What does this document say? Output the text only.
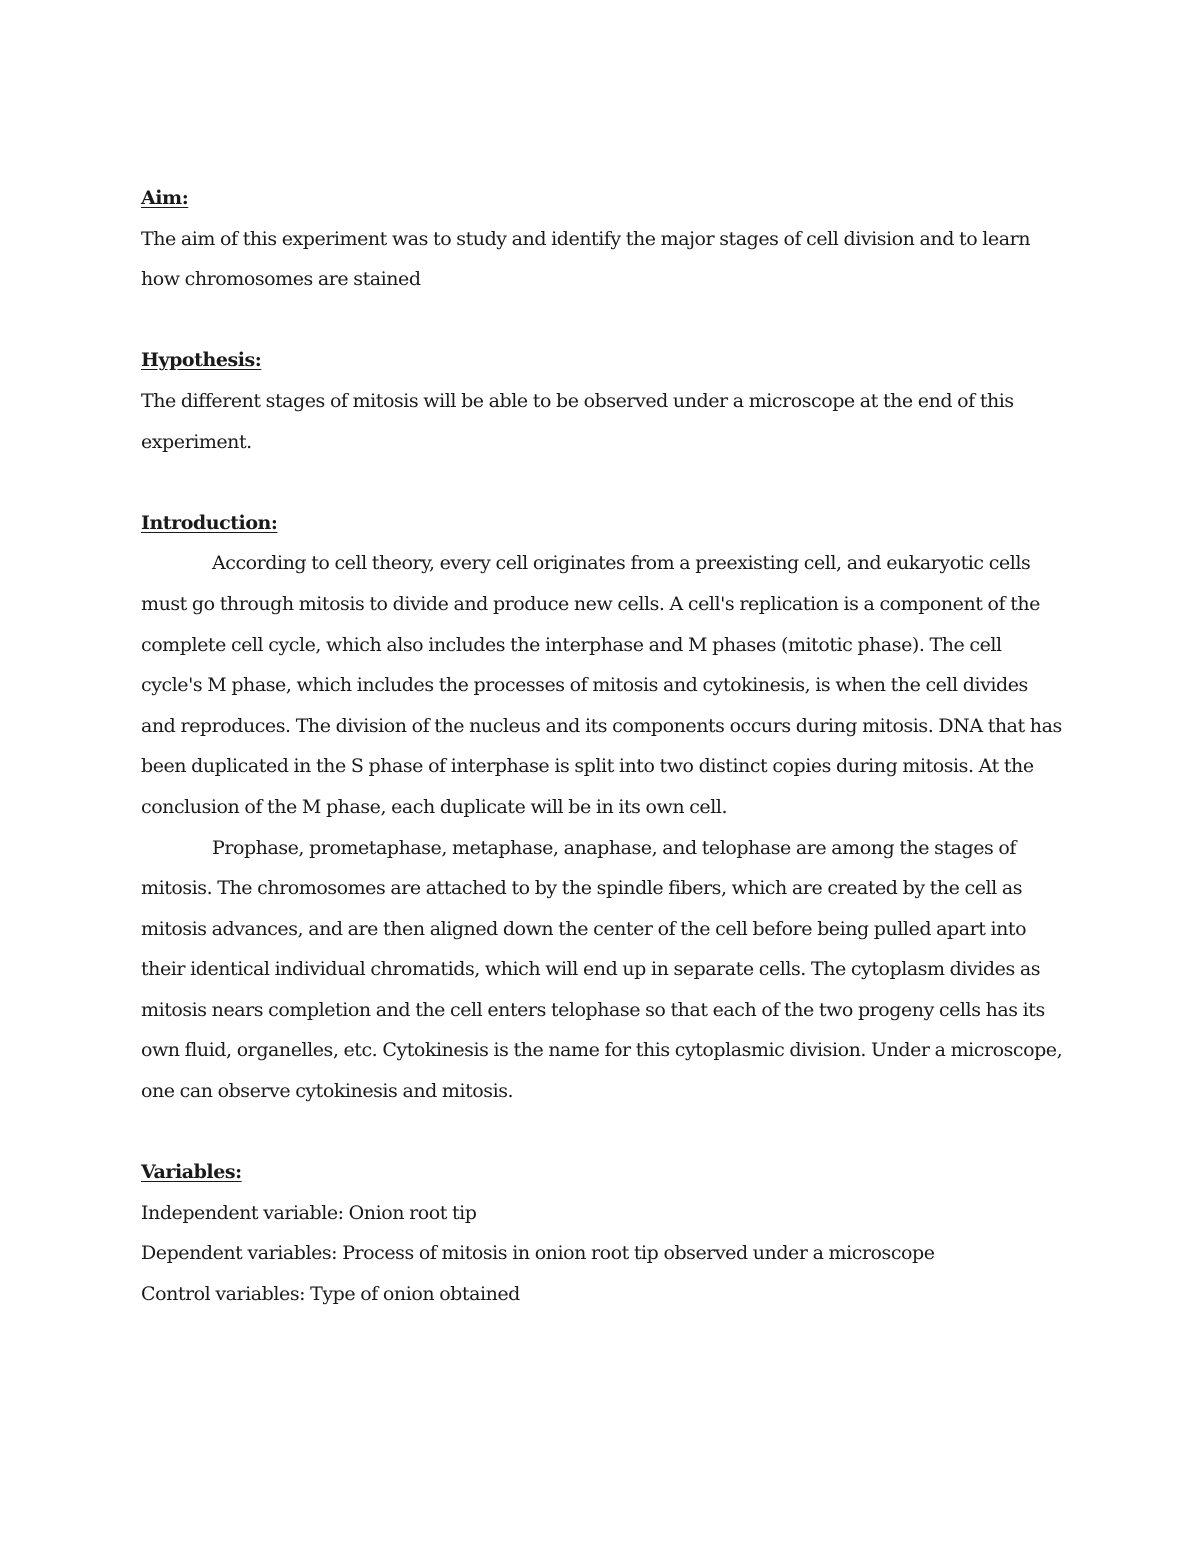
Aim:

The aim of this experiment was to study and identify the major stages of cell division and to learn how chromosomes are stained

Hypothesis:

The different stages of mitosis will be able to be observed under a microscope at the end of this experiment.

Introduction:

According to cell theory, every cell originates from a preexisting cell, and eukaryotic cells must go through mitosis to divide and produce new cells. A cell's replication is a component of the complete cell cycle, which also includes the interphase and M phases (mitotic phase). The cell cycle's M phase, which includes the processes of mitosis and cytokinesis, is when the cell divides and reproduces. The division of the nucleus and its components occurs during mitosis. DNA that has been duplicated in the S phase of interphase is split into two distinct copies during mitosis. At the conclusion of the M phase, each duplicate will be in its own cell.

Prophase, prometaphase, metaphase, anaphase, and telophase are among the stages of mitosis. The chromosomes are attached to by the spindle fibers, which are created by the cell as mitosis advances, and are then aligned down the center of the cell before being pulled apart into their identical individual chromatids, which will end up in separate cells. The cytoplasm divides as mitosis nears completion and the cell enters telophase so that each of the two progeny cells has its own fluid, organelles, etc. Cytokinesis is the name for this cytoplasmic division. Under a microscope, one can observe cytokinesis and mitosis.

Variables:

Independent variable: Onion root tip

Dependent variables: Process of mitosis in onion root tip observed under a microscope

Control variables: Type of onion obtained
